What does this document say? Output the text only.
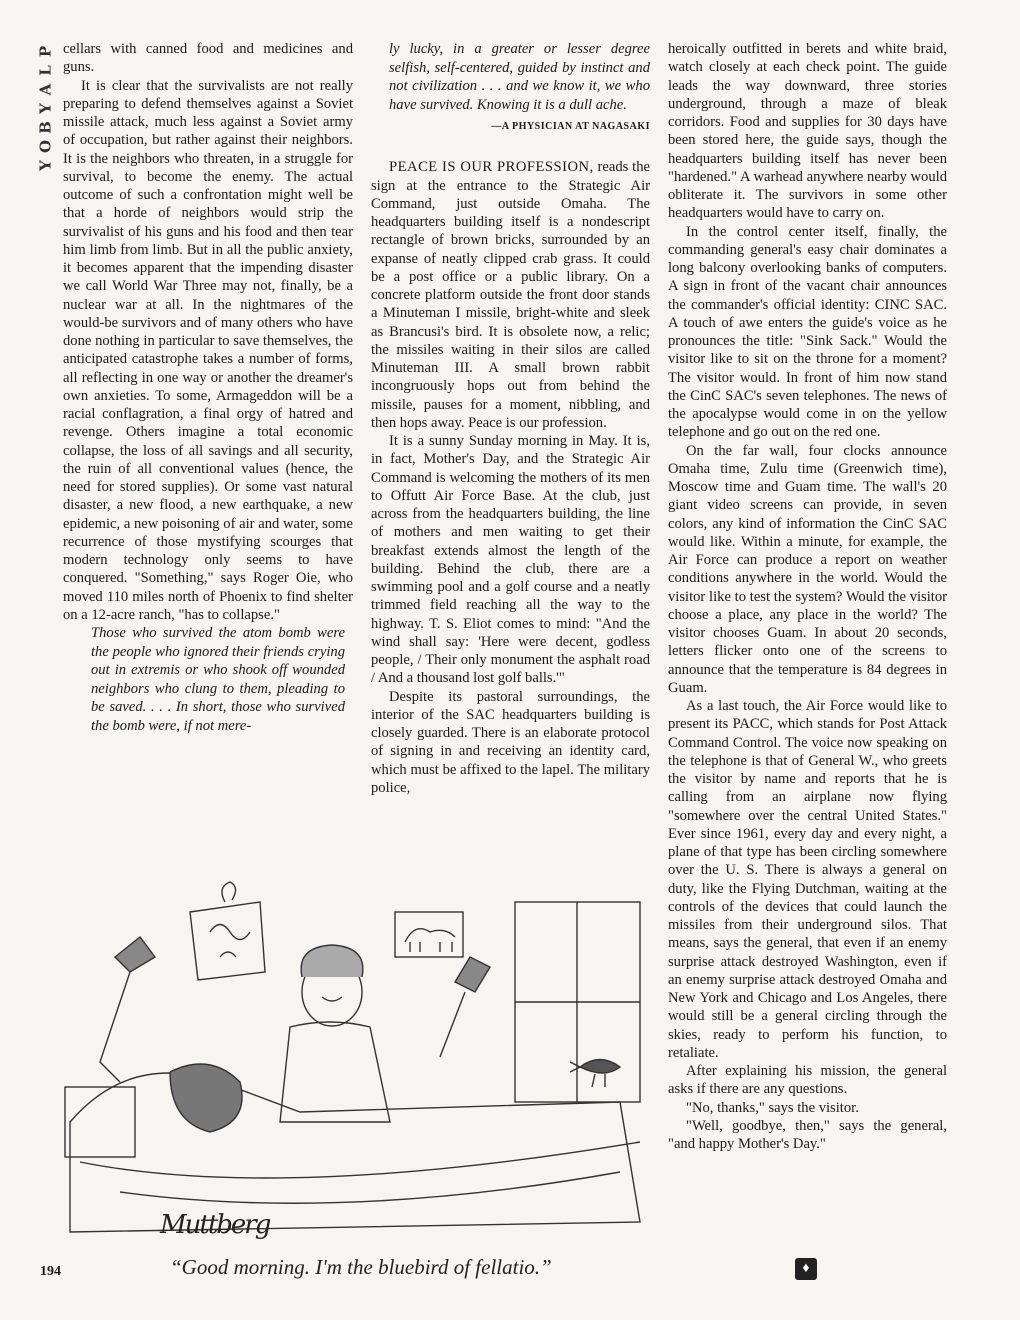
P
L
A
Y
B
O
Y

cellars with canned food and medicines and guns.

It is clear that the survivalists are not really preparing to defend themselves against a Soviet missile attack, much less against a Soviet army of occupation, but rather against their neighbors. It is the neighbors who threaten, in a struggle for survival, to become the enemy. The actual outcome of such a confrontation might well be that a horde of neighbors would strip the survivalist of his guns and his food and then tear him limb from limb. But in all the public anxiety, it becomes apparent that the impending disaster we call World War Three may not, finally, be a nuclear war at all. In the nightmares of the would-be survivors and of many others who have done nothing in particular to save themselves, the anticipated catastrophe takes a number of forms, all reflecting in one way or another the dreamer's own anxieties. To some, Armageddon will be a racial conflagration, a final orgy of hatred and revenge. Others imagine a total economic collapse, the loss of all savings and all security, the ruin of all conventional values (hence, the need for stored supplies). Or some vast natural disaster, a new flood, a new earthquake, a new epidemic, a new poisoning of air and water, some recurrence of those mystifying scourges that modern technology only seems to have conquered. "Something," says Roger Oie, who moved 110 miles north of Phoenix to find shelter on a 12-acre ranch, "has to collapse."

Those who survived the atom bomb were the people who ignored their friends crying out in extremis or who shook off wounded neighbors who clung to them, pleading to be saved. . . . In short, those who survived the bomb were, if not mere-

ly lucky, in a greater or lesser degree selfish, self-centered, guided by instinct and not civilization . . . and we know it, we who have survived. Knowing it is a dull ache.

—A PHYSICIAN AT NAGASAKI

PEACE IS OUR PROFESSION, reads the sign at the entrance to the Strategic Air Command, just outside Omaha. The headquarters building itself is a nondescript rectangle of brown bricks, surrounded by an expanse of neatly clipped crab grass. It could be a post office or a public library. On a concrete platform outside the front door stands a Minuteman I missile, bright-white and sleek as Brancusi's bird. It is obsolete now, a relic; the missiles waiting in their silos are called Minuteman III. A small brown rabbit incongruously hops out from behind the missile, pauses for a moment, nibbling, and then hops away. Peace is our profession.

It is a sunny Sunday morning in May. It is, in fact, Mother's Day, and the Strategic Air Command is welcoming the mothers of its men to Offutt Air Force Base. At the club, just across from the headquarters building, the line of mothers and men waiting to get their breakfast extends almost the length of the building. Behind the club, there are a swimming pool and a golf course and a neatly trimmed field reaching all the way to the highway. T. S. Eliot comes to mind: "And the wind shall say: 'Here were decent, godless people, / Their only monument the asphalt road / And a thousand lost golf balls.'"

Despite its pastoral surroundings, the interior of the SAC headquarters building is closely guarded. There is an elaborate protocol of signing in and receiving an identity card, which must be affixed to the lapel. The military police,

heroically outfitted in berets and white braid, watch closely at each check point. The guide leads the way downward, three stories underground, through a maze of bleak corridors. Food and supplies for 30 days have been stored here, the guide says, though the headquarters building itself has never been "hardened." A warhead anywhere nearby would obliterate it. The survivors in some other headquarters would have to carry on.

In the control center itself, finally, the commanding general's easy chair dominates a long balcony overlooking banks of computers. A sign in front of the vacant chair announces the commander's official identity: CINC SAC. A touch of awe enters the guide's voice as he pronounces the title: "Sink Sack." Would the visitor like to sit on the throne for a moment? The visitor would. In front of him now stand the CinC SAC's seven telephones. The news of the apocalypse would come in on the yellow telephone and go out on the red one.

On the far wall, four clocks announce Omaha time, Zulu time (Greenwich time), Moscow time and Guam time. The wall's 20 giant video screens can provide, in seven colors, any kind of information the CinC SAC would like. Within a minute, for example, the Air Force can produce a report on weather conditions anywhere in the world. Would the visitor like to test the system? Would the visitor choose a place, any place in the world? The visitor chooses Guam. In about 20 seconds, letters flicker onto one of the screens to announce that the temperature is 84 degrees in Guam.

As a last touch, the Air Force would like to present its PACC, which stands for Post Attack Command Control. The voice now speaking on the telephone is that of General W., who greets the visitor by name and reports that he is calling from an airplane now flying "somewhere over the central United States." Ever since 1961, every day and every night, a plane of that type has been circling somewhere over the U. S. There is always a general on duty, like the Flying Dutchman, waiting at the controls of the devices that could launch the missiles from their underground silos. That means, says the general, that even if an enemy surprise attack destroyed Washington, even if an enemy surprise attack destroyed Omaha and New York and Chicago and Los Angeles, there would still be a general circling through the skies, ready to perform his function, to retaliate.

After explaining his mission, the general asks if there are any questions.

"No, thanks," says the visitor.

"Well, goodbye, then," says the general, "and happy Mother's Day."

Muttberg
“Good morning. I'm the bluebird of fellatio.”
194	♦
